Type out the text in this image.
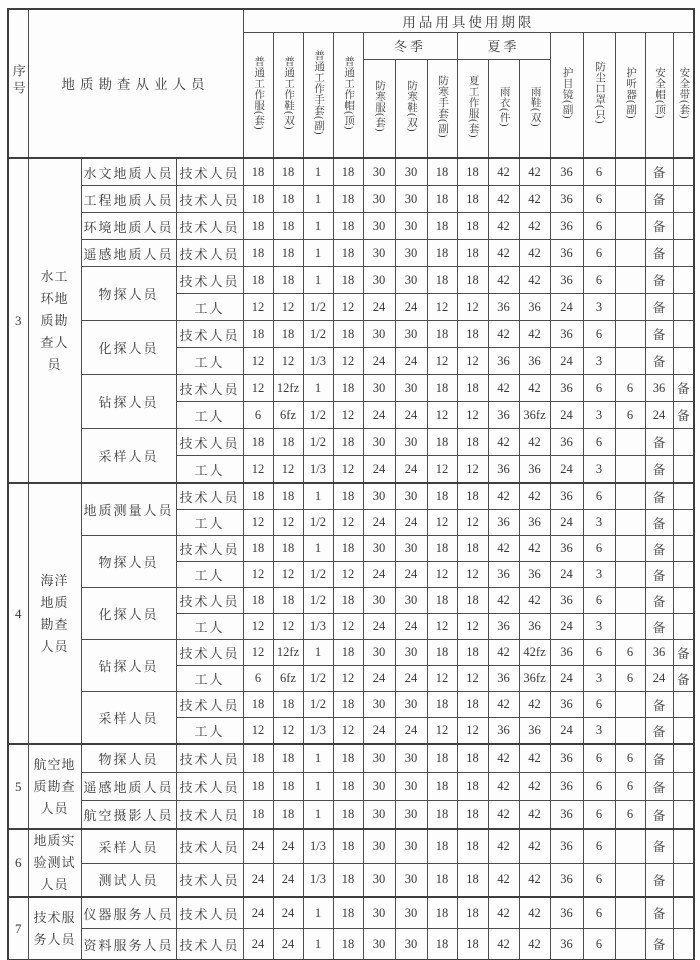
序号	地质勘查从业人员			用品用具使用期限														
				普通工作服(套)	普通工作鞋(双)	普通工作手套(副)	普通工作帽(顶)	冬季			夏季			护目镜(副)	防尘口罩(只)	护听器(副)	安全帽(顶)	安全带(套)
								防寒服(套)	防寒鞋(双)	防寒手套(副)	夏工作服(套)	雨衣(件)	雨鞋(双)					
3	水工
环地
质勘
查人
员	水文地质人员	技术人员	18	18	1	18	30	30	18	18	42	42	36	6		备	
		工程地质人员	技术人员	18	18	1	18	30	30	18	18	42	42	36	6		备	
		环境地质人员	技术人员	18	18	1	18	30	30	18	18	42	42	36	6		备	
		遥感地质人员	技术人员	18	18	1	18	30	30	18	18	42	42	36	6		备	
		物探人员	技术人员	18	18	1	18	30	30	18	18	42	42	36	6		备	
			工人	12	12	1/2	12	24	24	12	12	36	36	24	3		备	
		化探人员	技术人员	18	18	1/2	18	30	30	18	18	42	42	36	6		备	
			工人	12	12	1/3	12	24	24	12	12	36	36	24	3		备	
		钻探人员	技术人员	12	12fz	1	18	30	30	18	18	42	42	36	6	6	36	备
			工人	6	6fz	1/2	12	24	24	12	12	36	36fz	24	3	6	24	备
		采样人员	技术人员	18	18	1/2	18	30	30	18	18	42	42	36	6		备	
			工人	12	12	1/3	12	24	24	12	12	36	36	24	3		备	
4	海洋
地质
勘查
人员	地质测量人员	技术人员	18	18	1	18	30	30	18	18	42	42	36	6		备	
			工人	12	12	1/2	12	24	24	12	12	36	36	24	3		备	
		物探人员	技术人员	18	18	1	18	30	30	18	18	42	42	36	6		备	
			工人	12	12	1/2	12	24	24	12	12	36	36	24	3		备	
		化探人员	技术人员	18	18	1/2	18	30	30	18	18	42	42	36	6		备	
			工人	12	12	1/3	12	24	24	12	12	36	36	24	3		备	
		钻探人员	技术人员	12	12fz	1	18	30	30	18	18	42	42fz	36	6	6	36	备
			工人	6	6fz	1/2	12	24	24	12	12	36	36fz	24	3	6	24	备
		采样人员	技术人员	18	18	1/2	18	30	30	18	18	42	42	36	6		备	
			工人	12	12	1/3	12	24	24	12	12	36	36	24	3		备	
5	航空地
质勘查
人员	物探人员	技术人员	18	18	1	18	30	30	18	18	42	42	36	6	6	备	
		遥感地质人员	技术人员	18	18	1	18	30	30	18	18	42	42	36	6	6	备	
		航空摄影人员	技术人员	18	18	1	18	30	30	18	18	42	42	36	6	6	备	
6	地质实
验测试
人员	采样人员	技术人员	24	24	1/3	18	30	30	18	18	42	42	36	6		备	
		测试人员	技术人员	24	24	1/3	18	30	30	18	18	42	42	36	6		备	
7	技术服
务人员	仪器服务人员	技术人员	24	24	1	18	30	30	18	18	42	42	36	6		备	
		资料服务人员	技术人员	24	24	1	18	30	30	18	18	42	42	36	6		备	
